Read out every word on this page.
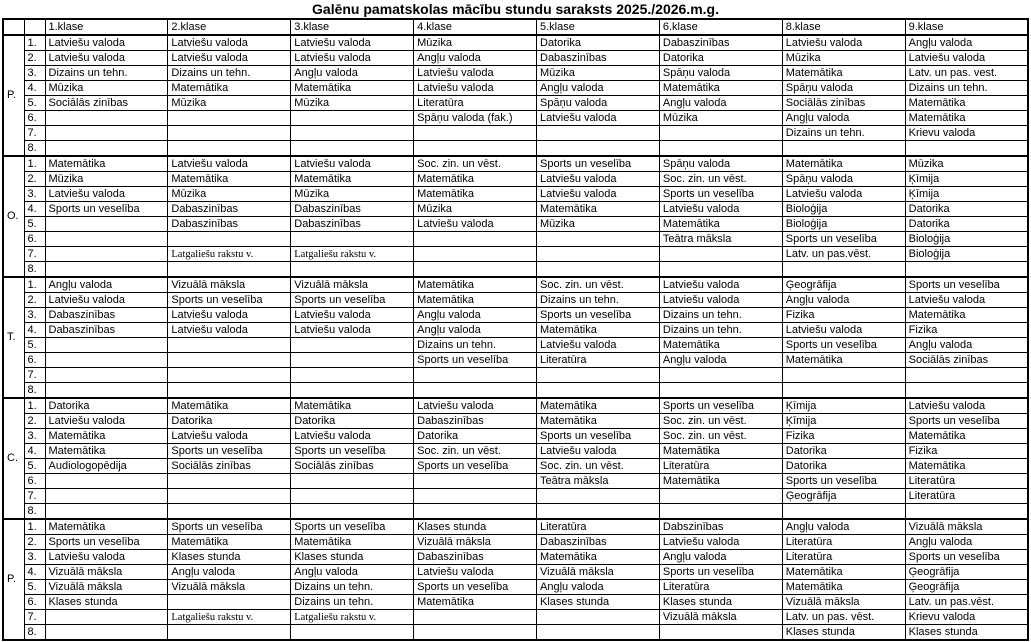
Galēnu pamatskolas mācību stundu saraksts 2025./2026.m.g.
		1.klase	2.klase	3.klase	4.klase	5.klase	6.klase	8.klase	9.klase
P.	1.	Latviešu valoda	Latviešu valoda	Latviešu valoda	Mūzika	Datorika	Dabaszinības	Latviešu valoda	Angļu valoda
	2.	Latviešu valoda	Latviešu valoda	Latviešu valoda	Angļu valoda	Dabaszinības	Datorika	Mūzika	Latviešu valoda
	3.	Dizains un tehn.	Dizains un tehn.	Angļu valoda	Latviešu valoda	Mūzika	Spāņu valoda	Matemātika	Latv. un pas. vest.
	4.	Mūzika	Matemātika	Matemātika	Latviešu valoda	Angļu valoda	Matemātika	Spāņu valoda	Dizains un tehn.
	5.	Sociālās zinības	Mūzika	Mūzika	Literatūra	Spāņu valoda	Angļu valoda	Sociālās zinības	Matemātika
	6.				Spāņu valoda (fak.)	Latviešu valoda	Mūzika	Angļu valoda	Matemātika
	7.							Dizains un tehn.	Krievu valoda
	8.								
O.	1.	Matemātika	Latviešu valoda	Latviešu valoda	Soc. zin. un vēst.	Sports un veselība	Spāņu valoda	Matemātika	Mūzika
	2.	Mūzika	Matemātika	Matemātika	Matemātika	Latviešu valoda	Soc. zin. un vēst.	Spāņu valoda	Ķīmija
	3.	Latviešu valoda	Mūzika	Mūzika	Matemātika	Latviešu valoda	Sports un veselība	Latviešu valoda	Ķīmija
	4.	Sports un veselība	Dabaszinības	Dabaszinības	Mūzika	Matemātika	Latviešu valoda	Bioloģija	Datorika
	5.		Dabaszinības	Dabaszinības	Latviešu valoda	Mūzika	Matemātika	Bioloģija	Datorika
	6.						Teātra māksla	Sports un veselība	Bioloģija
	7.		Latgaliešu rakstu v.	Latgaliešu rakstu v.				Latv. un pas.vēst.	Bioloģija
	8.								
T.	1.	Angļu valoda	Vizuālā māksla	Vizuālā māksla	Matemātika	Soc. zin. un vēst.	Latviešu valoda	Ģeogrāfija	Sports un veselība
	2.	Latviešu valoda	Sports un veselība	Sports un veselība	Matemātika	Dizains un tehn.	Latviešu valoda	Angļu valoda	Latviešu valoda
	3.	Dabaszinības	Latviešu valoda	Latviešu valoda	Angļu valoda	Sports un veselība	Dizains un tehn.	Fizika	Matemātika
	4.	Dabaszinības	Latviešu valoda	Latviešu valoda	Angļu valoda	Matemātika	Dizains un tehn.	Latviešu valoda	Fizika
	5.				Dizains un tehn.	Latviešu valoda	Matemātika	Sports un veselība	Angļu valoda
	6.				Sports un veselība	Literatūra	Angļu valoda	Matemātika	Sociālās zinības
	7.								
	8.								
C.	1.	Datorika	Matemātika	Matemātika	Latviešu valoda	Matemātika	Sports un veselība	Ķīmija	Latviešu valoda
	2.	Latviešu valoda	Datorika	Datorika	Dabaszinības	Matemātika	Soc. zin. un vēst.	Ķīmija	Sports un veselība
	3.	Matemātika	Latviešu valoda	Latviešu valoda	Datorika	Sports un veselība	Soc. zin. un vēst.	Fizika	Matemātika
	4.	Matemātika	Sports un veselība	Sports un veselība	Soc. zin. un vēst.	Latviešu valoda	Matemātika	Datorika	Fizika
	5.	Audiologopēdija	Sociālās zinības	Sociālās zinības	Sports un veselība	Soc. zin. un vēst.	Literatūra	Datorika	Matemātika
	6.					Teātra māksla	Matemātika	Sports un veselība	Literatūra
	7.							Ģeogrāfija	Literatūra
	8.								
P.	1.	Matemātika	Sports un veselība	Sports un veselība	Klases stunda	Literatūra	Dabszinības	Angļu valoda	Vizuālā māksla
	2.	Sports un veselība	Matemātika	Matemātika	Vizuālā māksla	Dabaszinības	Latviešu valoda	Literatūra	Angļu valoda
	3.	Latviešu valoda	Klases stunda	Klases stunda	Dabaszinības	Matemātika	Angļu valoda	Literatūra	Sports un veselība
	4.	Vizuālā māksla	Angļu valoda	Angļu valoda	Latviešu valoda	Vizuālā māksla	Sports un veselība	Matemātika	Ģeogrāfija
	5.	Vizuālā māksla	Vizuālā māksla	Dizains un tehn.	Sports un veselība	Angļu valoda	Literatūra	Matemātika	Ģeogrāfija
	6.	Klases stunda		Dizains un tehn.	Matemātika	Klases stunda	Klases stunda	Vizuālā māksla	Latv. un pas.vēst.
	7.		Latgaliešu rakstu v.	Latgaliešu rakstu v.			Vizuālā māksla	Latv. un pas. vēst.	Krievu valoda
	8.							Klases stunda	Klases stunda
